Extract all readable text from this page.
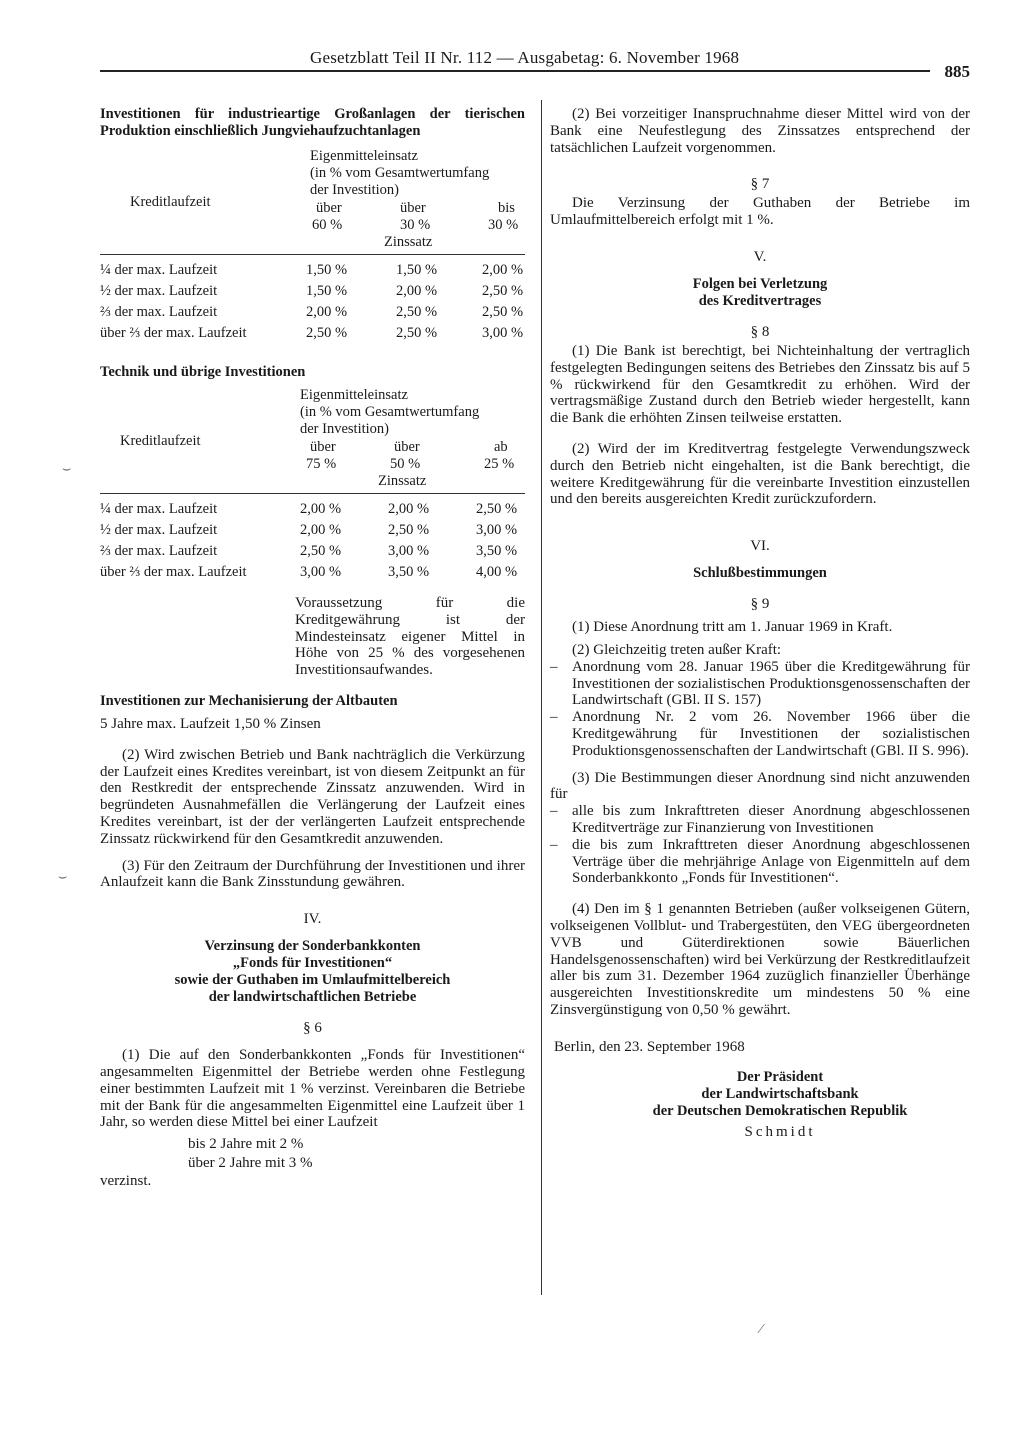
Gesetzblatt Teil II Nr. 112 — Ausgabetag: 6. November 1968
885
Investitionen für industrieartige Großanlagen der tierischen Produktion einschließlich Jungviehaufzuchtanlagen
Eigenmitteleinsatz
(in % vom Gesamtwertumfang
der Investition)
Kreditlaufzeit	über
60 %
über
30 %
bis
30 %
Zinssatz
¼ der max. Laufzeit	1,50 %	1,50 %	2,00 %
½ der max. Laufzeit	1,50 %	2,00 %	2,50 %
⅔ der max. Laufzeit	2,00 %	2,50 %	2,50 %
über ⅔ der max. Laufzeit	2,50 %	2,50 %	3,00 %
Technik und übrige Investitionen
Eigenmitteleinsatz
(in % vom Gesamtwertumfang
der Investition)
Kreditlaufzeit	über
75 %
über
50 %
ab
25 %
Zinssatz
¼ der max. Laufzeit	2,00 %	2,00 %	2,50 %
½ der max. Laufzeit	2,00 %	2,50 %	3,00 %
⅔ der max. Laufzeit	2,50 %	3,00 %	3,50 %
über ⅔ der max. Laufzeit	3,00 %	3,50 %	4,00 %

Voraussetzung für die Kreditgewährung ist der Mindesteinsatz eigener Mittel in Höhe von 25 % des vorgesehenen Investitionsaufwandes.

Investitionen zur Mechanisierung der Altbauten

5 Jahre max. Laufzeit 1,50 % Zinsen

(2) Wird zwischen Betrieb und Bank nachträglich die Verkürzung der Laufzeit eines Kredites vereinbart, ist von diesem Zeitpunkt an für den Restkredit der entsprechende Zinssatz anzuwenden. Wird in begründeten Ausnahmefällen die Verlängerung der Laufzeit eines Kredites vereinbart, ist der der verlängerten Laufzeit entsprechende Zinssatz rückwirkend für den Gesamtkredit anzuwenden.

(3) Für den Zeitraum der Durchführung der Investitionen und ihrer Anlaufzeit kann die Bank Zinsstundung gewähren.

IV.
Verzinsung der Sonderbankkonten
„Fonds für Investitionen“
sowie der Guthaben im Umlaufmittelbereich
der landwirtschaftlichen Betriebe
§ 6

(1) Die auf den Sonderbankkonten „Fonds für Investitionen“ angesammelten Eigenmittel der Betriebe werden ohne Festlegung einer bestimmten Laufzeit mit 1 % verzinst. Vereinbaren die Betriebe mit der Bank für die angesammelten Eigenmittel eine Laufzeit über 1 Jahr, so werden diese Mittel bei einer Laufzeit

bis 2 Jahre mit 2 %
über 2 Jahre mit 3 %
verzinst.

(2) Bei vorzeitiger Inanspruchnahme dieser Mittel wird von der Bank eine Neufestlegung des Zinssatzes entsprechend der tatsächlichen Laufzeit vorgenommen.

§ 7

Die Verzinsung der Guthaben der Betriebe im Umlaufmittelbereich erfolgt mit 1 %.

V.
Folgen bei Verletzung
des Kreditvertrages
§ 8

(1) Die Bank ist berechtigt, bei Nichteinhaltung der vertraglich festgelegten Bedingungen seitens des Betriebes den Zinssatz bis auf 5 % rückwirkend für den Gesamtkredit zu erhöhen. Wird der vertragsmäßige Zustand durch den Betrieb wieder hergestellt, kann die Bank die erhöhten Zinsen teilweise erstatten.

(2) Wird der im Kreditvertrag festgelegte Verwendungszweck durch den Betrieb nicht eingehalten, ist die Bank berechtigt, die weitere Kreditgewährung für die vereinbarte Investition einzustellen und den bereits ausgereichten Kredit zurückzufordern.

VI.
Schlußbestimmungen
§ 9

(1) Diese Anordnung tritt am 1. Januar 1969 in Kraft.

(2) Gleichzeitig treten außer Kraft:

– Anordnung vom 28. Januar 1965 über die Kreditgewährung für Investitionen der sozialistischen Produktionsgenossenschaften der Landwirtschaft (GBl. II S. 157)
– Anordnung Nr. 2 vom 26. November 1966 über die Kreditgewährung für Investitionen der sozialistischen Produktionsgenossenschaften der Landwirtschaft (GBl. II S. 996).

(3) Die Bestimmungen dieser Anordnung sind nicht anzuwenden für

– alle bis zum Inkrafttreten dieser Anordnung abgeschlossenen Kreditverträge zur Finanzierung von Investitionen
– die bis zum Inkrafttreten dieser Anordnung abgeschlossenen Verträge über die mehrjährige Anlage von Eigenmitteln auf dem Sonderbankkonto „Fonds für Investitionen“.

(4) Den im § 1 genannten Betrieben (außer volkseigenen Gütern, volkseigenen Vollblut- und Trabergestüten, den VEG übergeordneten VVB und Güterdirektionen sowie Bäuerlichen Handelsgenossenschaften) wird bei Verkürzung der Restkreditlaufzeit aller bis zum 31. Dezember 1964 zuzüglich finanzieller Überhänge ausgereichten Investitionskredite um mindestens 50 % eine Zinsvergünstigung von 0,50 % gewährt.

Berlin, den 23. September 1968

Der Präsident
der Landwirtschaftsbank
der Deutschen Demokratischen Republik
Schmidt
⌣
⌣
⁄
